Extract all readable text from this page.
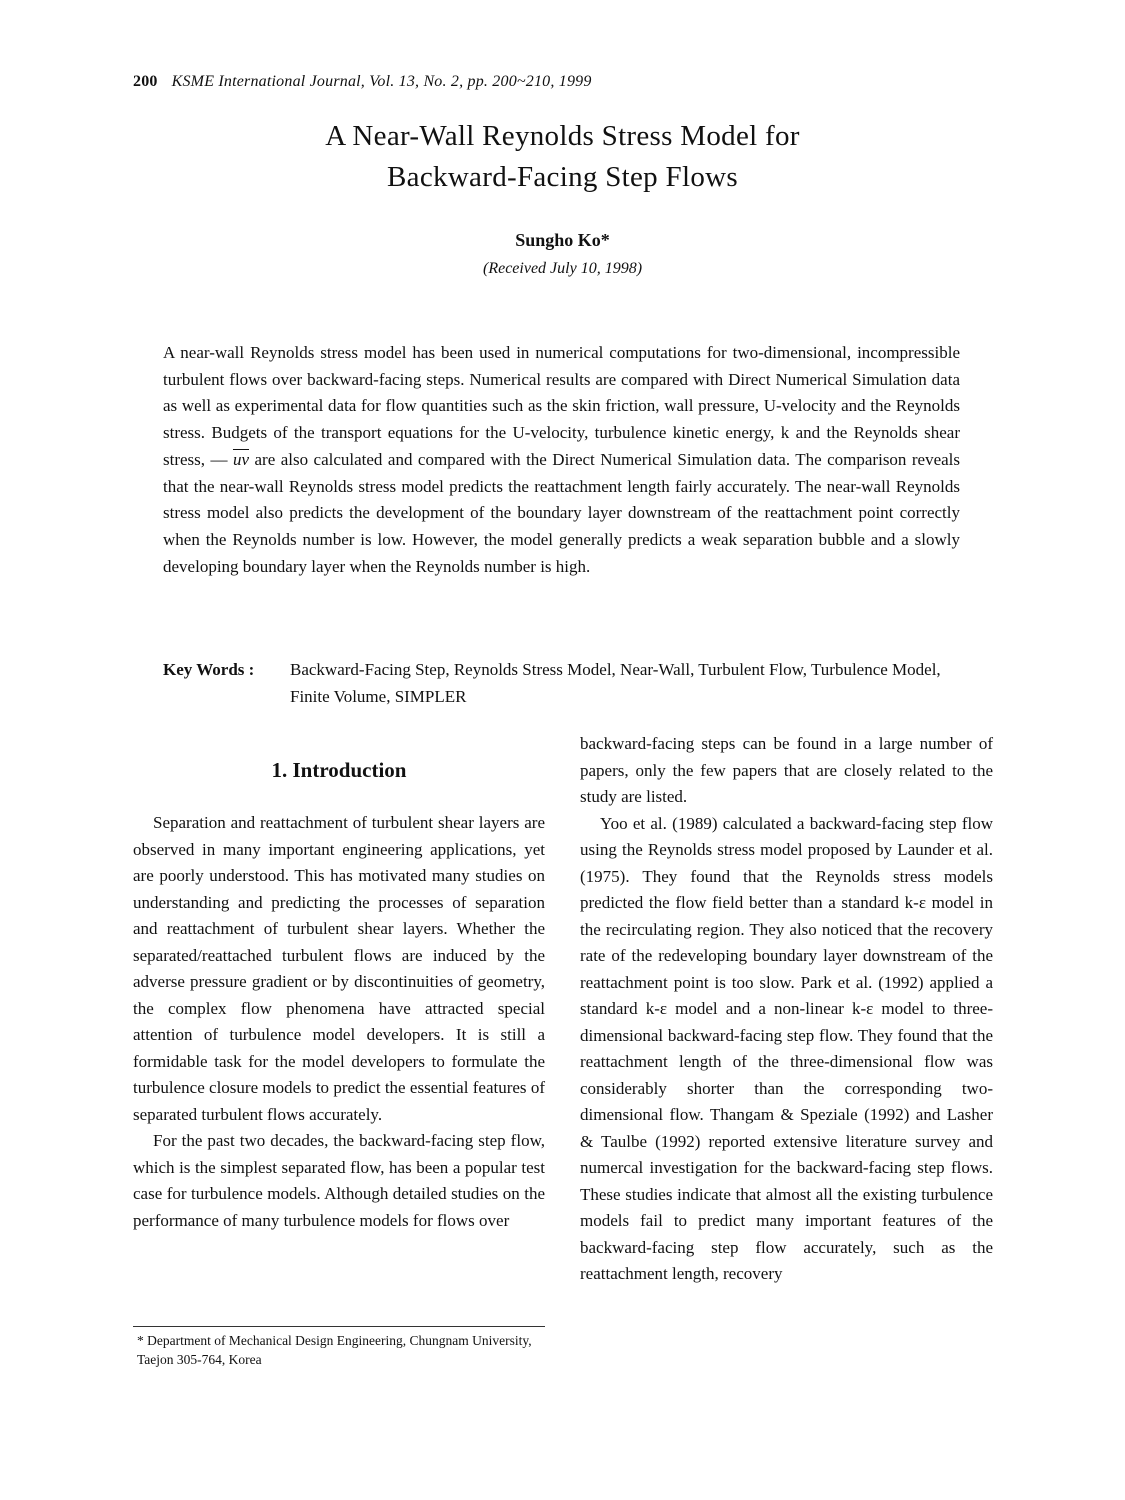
200 KSME International Journal, Vol. 13, No. 2, pp. 200~210, 1999
A Near-Wall Reynolds Stress Model for
Backward-Facing Step Flows
Sungho Ko*
(Received July 10, 1998)
A near-wall Reynolds stress model has been used in numerical computations for two-dimensional, incompressible turbulent flows over backward-facing steps. Numerical results are compared with Direct Numerical Simulation data as well as experimental data for flow quantities such as the skin friction, wall pressure, U-velocity and the Reynolds stress. Budgets of the transport equations for the U-velocity, turbulence kinetic energy, k and the Reynolds shear stress, — $\overline{uv}$ are also calculated and compared with the Direct Numerical Simulation data. The comparison reveals that the near-wall Reynolds stress model predicts the reattachment length fairly accurately. The near-wall Reynolds stress model also predicts the development of the boundary layer downstream of the reattachment point correctly when the Reynolds number is low. However, the model generally predicts a weak separation bubble and a slowly developing boundary layer when the Reynolds number is high.
Key Words : Backward-Facing Step, Reynolds Stress Model, Near-Wall, Turbulent Flow, Turbulence Model, Finite Volume, SIMPLER
1. Introduction

Separation and reattachment of turbulent shear layers are observed in many important engineering applications, yet are poorly understood. This has motivated many studies on understanding and predicting the processes of separation and reattachment of turbulent shear layers. Whether the separated/reattached turbulent flows are induced by the adverse pressure gradient or by discontinuities of geometry, the complex flow phenomena have attracted special attention of turbulence model developers. It is still a formidable task for the model developers to formulate the turbulence closure models to predict the essential features of separated turbulent flows accurately.

For the past two decades, the backward-facing step flow, which is the simplest separated flow, has been a popular test case for turbulence models. Although detailed studies on the performance of many turbulence models for flows over

backward-facing steps can be found in a large number of papers, only the few papers that are closely related to the study are listed.

Yoo et al. (1989) calculated a backward-facing step flow using the Reynolds stress model proposed by Launder et al. (1975). They found that the Reynolds stress models predicted the flow field better than a standard k-ε model in the recirculating region. They also noticed that the recovery rate of the redeveloping boundary layer downstream of the reattachment point is too slow. Park et al. (1992) applied a standard k-ε model and a non-linear k-ε model to three-dimensional backward-facing step flow. They found that the reattachment length of the three-dimensional flow was considerably shorter than the corresponding two-dimensional flow. Thangam & Speziale (1992) and Lasher & Taulbe (1992) reported extensive literature survey and numercal investigation for the backward-facing step flows. These studies indicate that almost all the existing turbulence models fail to predict many important features of the backward-facing step flow accurately, such as the reattachment length, recovery

* Department of Mechanical Design Engineering, Chungnam University, Taejon 305-764, Korea
